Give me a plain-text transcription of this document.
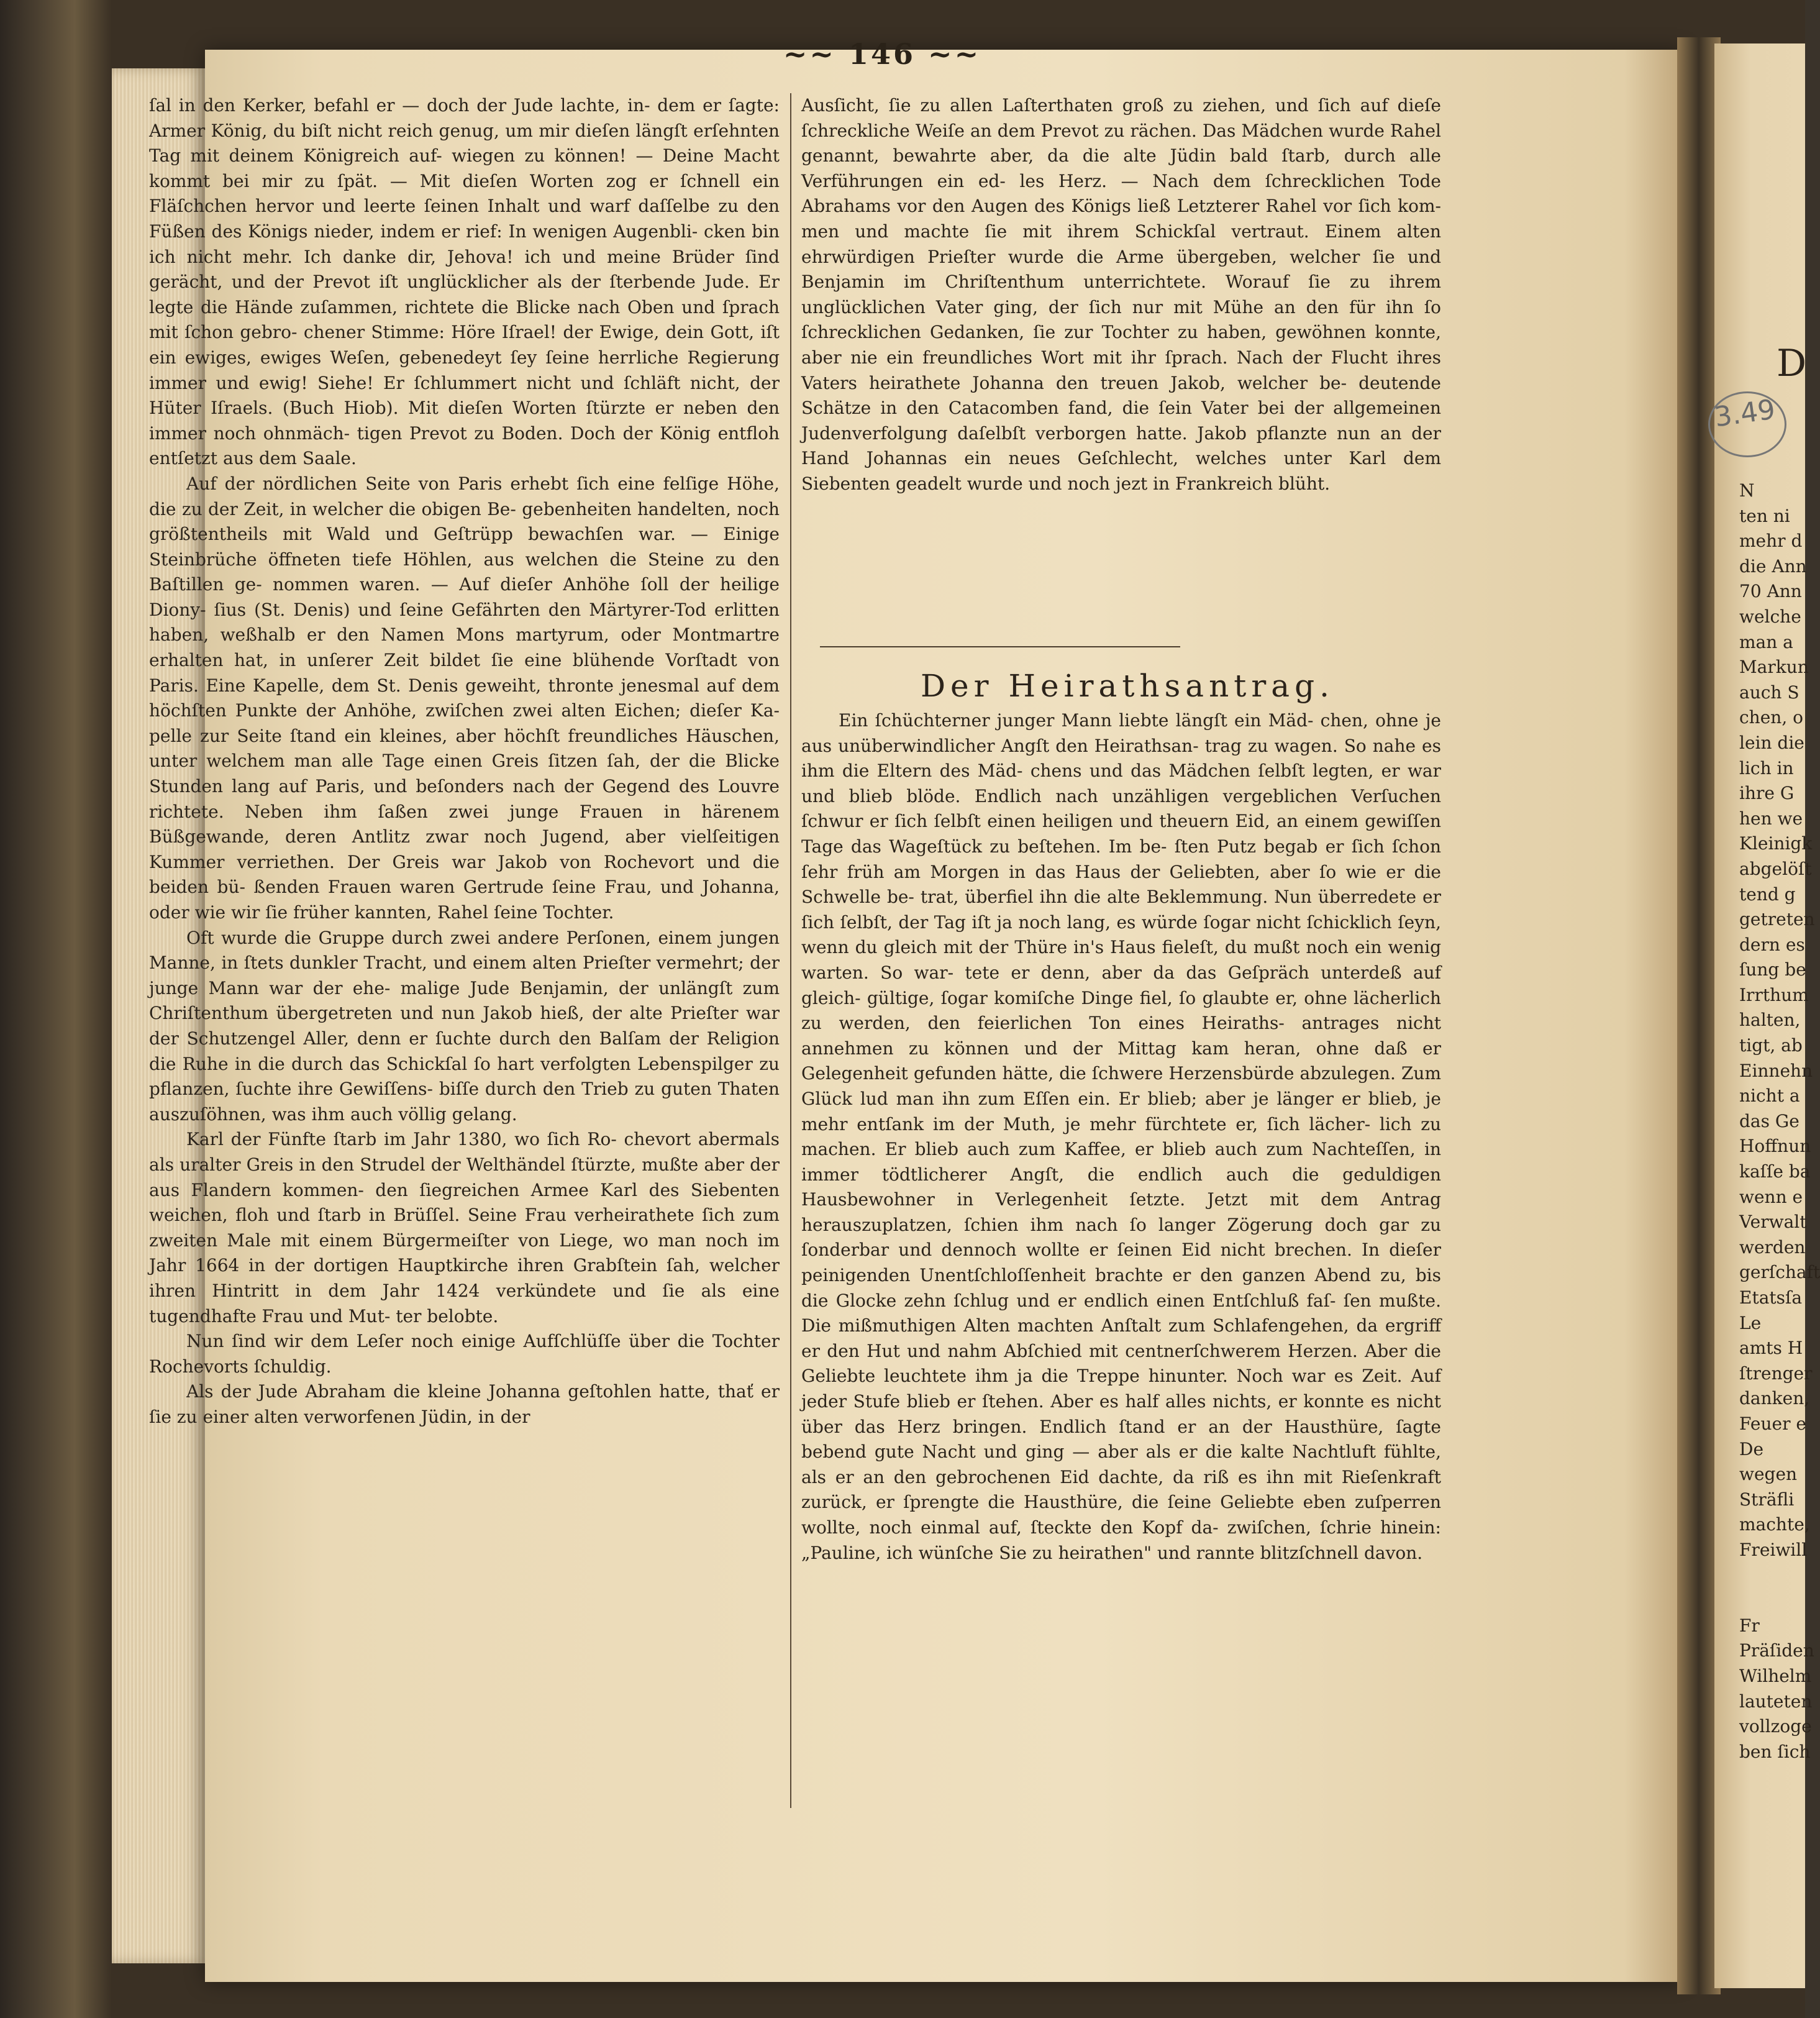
D
3.49
N
ten ni
mehr d
die Ann
70 Ann
welche
man a
Markun
auch S
chen, o
lein die
lich in
ihre G
hen we
Kleinigk
abgelöſt
tend g
getreten
dern es
ſung be
Irrthum
halten,
tigt, ab
Einnehn
nicht a
das Ge
Hoffnun
kaſſe ba
wenn e
Verwalt
werden
gerſchaft
Etatsſa
Le
amts H
ſtrenger
danken,
Feuer e
De
wegen
Sträfli
machte,
Freiwill
Fr
Präſiden
Wilhelm
lauteten
vollzoge
ben ſich
~~ 146 ~~

ſal in den Kerker, befahl er — doch der Jude lachte, in- dem er ſagte: Armer König, du biſt nicht reich genug, um mir dieſen längſt erſehnten Tag mit deinem Königreich auf- wiegen zu können! — Deine Macht kommt bei mir zu ſpät. — Mit dieſen Worten zog er ſchnell ein Fläſchchen hervor und leerte ſeinen Inhalt und warf daſſelbe zu den Füßen des Königs nieder, indem er rief: In wenigen Augenbli- cken bin ich nicht mehr. Ich danke dir, Jehova! ich und meine Brüder ſind gerächt, und der Prevot iſt unglücklicher als der ſterbende Jude. Er legte die Hände zuſammen, richtete die Blicke nach Oben und ſprach mit ſchon gebro- chener Stimme: Höre Iſrael! der Ewige, dein Gott, iſt ein ewiges, ewiges Weſen, gebenedeyt ſey ſeine herrliche Regierung immer und ewig! Siehe! Er ſchlummert nicht und ſchläft nicht, der Hüter Iſraels. (Buch Hiob). Mit dieſen Worten ſtürzte er neben den immer noch ohnmäch- tigen Prevot zu Boden. Doch der König entfloh entſetzt aus dem Saale.

Auf der nördlichen Seite von Paris erhebt ſich eine felſige Höhe, die zu der Zeit, in welcher die obigen Be- gebenheiten handelten, noch größtentheils mit Wald und Geſtrüpp bewachſen war. — Einige Steinbrüche öffneten tiefe Höhlen, aus welchen die Steine zu den Baſtillen ge- nommen waren. — Auf dieſer Anhöhe ſoll der heilige Diony- ſius (St. Denis) und ſeine Gefährten den Märtyrer-Tod erlitten haben, weßhalb er den Namen Mons martyrum, oder Montmartre erhalten hat, in unſerer Zeit bildet ſie eine blühende Vorſtadt von Paris. Eine Kapelle, dem St. Denis geweiht, thronte jenesmal auf dem höchſten Punkte der Anhöhe, zwiſchen zwei alten Eichen; dieſer Ka- pelle zur Seite ſtand ein kleines, aber höchſt freundliches Häuschen, unter welchem man alle Tage einen Greis ſitzen ſah, der die Blicke Stunden lang auf Paris, und beſonders nach der Gegend des Louvre richtete. Neben ihm ſaßen zwei junge Frauen in härenem Büßgewande, deren Antlitz zwar noch Jugend, aber vielſeitigen Kummer verriethen. Der Greis war Jakob von Rochevort und die beiden bü- ßenden Frauen waren Gertrude ſeine Frau, und Johanna, oder wie wir ſie früher kannten, Rahel ſeine Tochter.

Oft wurde die Gruppe durch zwei andere Perſonen, einem jungen Manne, in ſtets dunkler Tracht, und einem alten Prieſter vermehrt; der junge Mann war der ehe- malige Jude Benjamin, der unlängſt zum Chriſtenthum übergetreten und nun Jakob hieß, der alte Prieſter war der Schutzengel Aller, denn er ſuchte durch den Balſam der Religion die Ruhe in die durch das Schickſal ſo hart verfolgten Lebenspilger zu pflanzen, ſuchte ihre Gewiſſens- biſſe durch den Trieb zu guten Thaten auszuſöhnen, was ihm auch völlig gelang.

Karl der Fünfte ſtarb im Jahr 1380, wo ſich Ro- chevort abermals als uralter Greis in den Strudel der Welthändel ſtürzte, mußte aber der aus Flandern kommen- den ſiegreichen Armee Karl des Siebenten weichen, floh und ſtarb in Brüſſel. Seine Frau verheirathete ſich zum zweiten Male mit einem Bürgermeiſter von Liege, wo man noch im Jahr 1664 in der dortigen Hauptkirche ihren Grabſtein ſah, welcher ihren Hintritt in dem Jahr 1424 verkündete und ſie als eine tugendhafte Frau und Mut- ter belobte.

Nun ſind wir dem Leſer noch einige Aufſchlüſſe über die Tochter Rochevorts ſchuldig.

Als der Jude Abraham die kleine Johanna geſtohlen hatte, thať er ſie zu einer alten verworfenen Jüdin, in der

Ausſicht, ſie zu allen Laſterthaten groß zu ziehen, und ſich auf dieſe ſchreckliche Weiſe an dem Prevot zu rächen. Das Mädchen wurde Rahel genannt, bewahrte aber, da die alte Jüdin bald ſtarb, durch alle Verführungen ein ed- les Herz. — Nach dem ſchrecklichen Tode Abrahams vor den Augen des Königs ließ Letzterer Rahel vor ſich kom- men und machte ſie mit ihrem Schickſal vertraut. Einem alten ehrwürdigen Prieſter wurde die Arme übergeben, welcher ſie und Benjamin im Chriſtenthum unterrichtete. Worauf ſie zu ihrem unglücklichen Vater ging, der ſich nur mit Mühe an den für ihn ſo ſchrecklichen Gedanken, ſie zur Tochter zu haben, gewöhnen konnte, aber nie ein freundliches Wort mit ihr ſprach. Nach der Flucht ihres Vaters heirathete Johanna den treuen Jakob, welcher be- deutende Schätze in den Catacomben fand, die ſein Vater bei der allgemeinen Judenverfolgung daſelbſt verborgen hatte. Jakob pflanzte nun an der Hand Johannas ein neues Geſchlecht, welches unter Karl dem Siebenten geadelt wurde und noch jezt in Frankreich blüht.

Der Heirathsantrag.

Ein ſchüchterner junger Mann liebte längſt ein Mäd- chen, ohne je aus unüberwindlicher Angſt den Heirathsan- trag zu wagen. So nahe es ihm die Eltern des Mäd- chens und das Mädchen ſelbſt legten, er war und blieb blöde. Endlich nach unzähligen vergeblichen Verſuchen ſchwur er ſich ſelbſt einen heiligen und theuern Eid, an einem gewiſſen Tage das Wageſtück zu beſtehen. Im be- ſten Putz begab er ſich ſchon ſehr früh am Morgen in das Haus der Geliebten, aber ſo wie er die Schwelle be- trat, überfiel ihn die alte Beklemmung. Nun überredete er ſich ſelbſt, der Tag iſt ja noch lang, es würde ſogar nicht ſchicklich ſeyn, wenn du gleich mit der Thüre in's Haus fieleſt, du mußt noch ein wenig warten. So war- tete er denn, aber da das Geſpräch unterdeß auf gleich- gültige, ſogar komiſche Dinge fiel, ſo glaubte er, ohne lächerlich zu werden, den feierlichen Ton eines Heiraths- antrages nicht annehmen zu können und der Mittag kam heran, ohne daß er Gelegenheit gefunden hätte, die ſchwere Herzensbürde abzulegen. Zum Glück lud man ihn zum Eſſen ein. Er blieb; aber je länger er blieb, je mehr entſank im der Muth, je mehr fürchtete er, ſich lächer- lich zu machen. Er blieb auch zum Kaffee, er blieb auch zum Nachteſſen, in immer tödtlicherer Angſt, die endlich auch die geduldigen Hausbewohner in Verlegenheit ſetzte. Jetzt mit dem Antrag herauszuplatzen, ſchien ihm nach ſo langer Zögerung doch gar zu ſonderbar und dennoch wollte er ſeinen Eid nicht brechen. In dieſer peinigenden Unentſchloſſenheit brachte er den ganzen Abend zu, bis die Glocke zehn ſchlug und er endlich einen Entſchluß faſ- ſen mußte. Die mißmuthigen Alten machten Anſtalt zum Schlafengehen, da ergriff er den Hut und nahm Abſchied mit centnerſchwerem Herzen. Aber die Geliebte leuchtete ihm ja die Treppe hinunter. Noch war es Zeit. Auf jeder Stufe blieb er ſtehen. Aber es half alles nichts, er konnte es nicht über das Herz bringen. Endlich ſtand er an der Hausthüre, ſagte bebend gute Nacht und ging — aber als er die kalte Nachtluft fühlte, als er an den gebrochenen Eid dachte, da riß es ihn mit Rieſenkraft zurück, er ſprengte die Hausthüre, die ſeine Geliebte eben zuſperren wollte, noch einmal auf, ſteckte den Kopf da- zwiſchen, ſchrie hinein: „Pauline, ich wünſche Sie zu heirathen" und rannte blitzſchnell davon.
